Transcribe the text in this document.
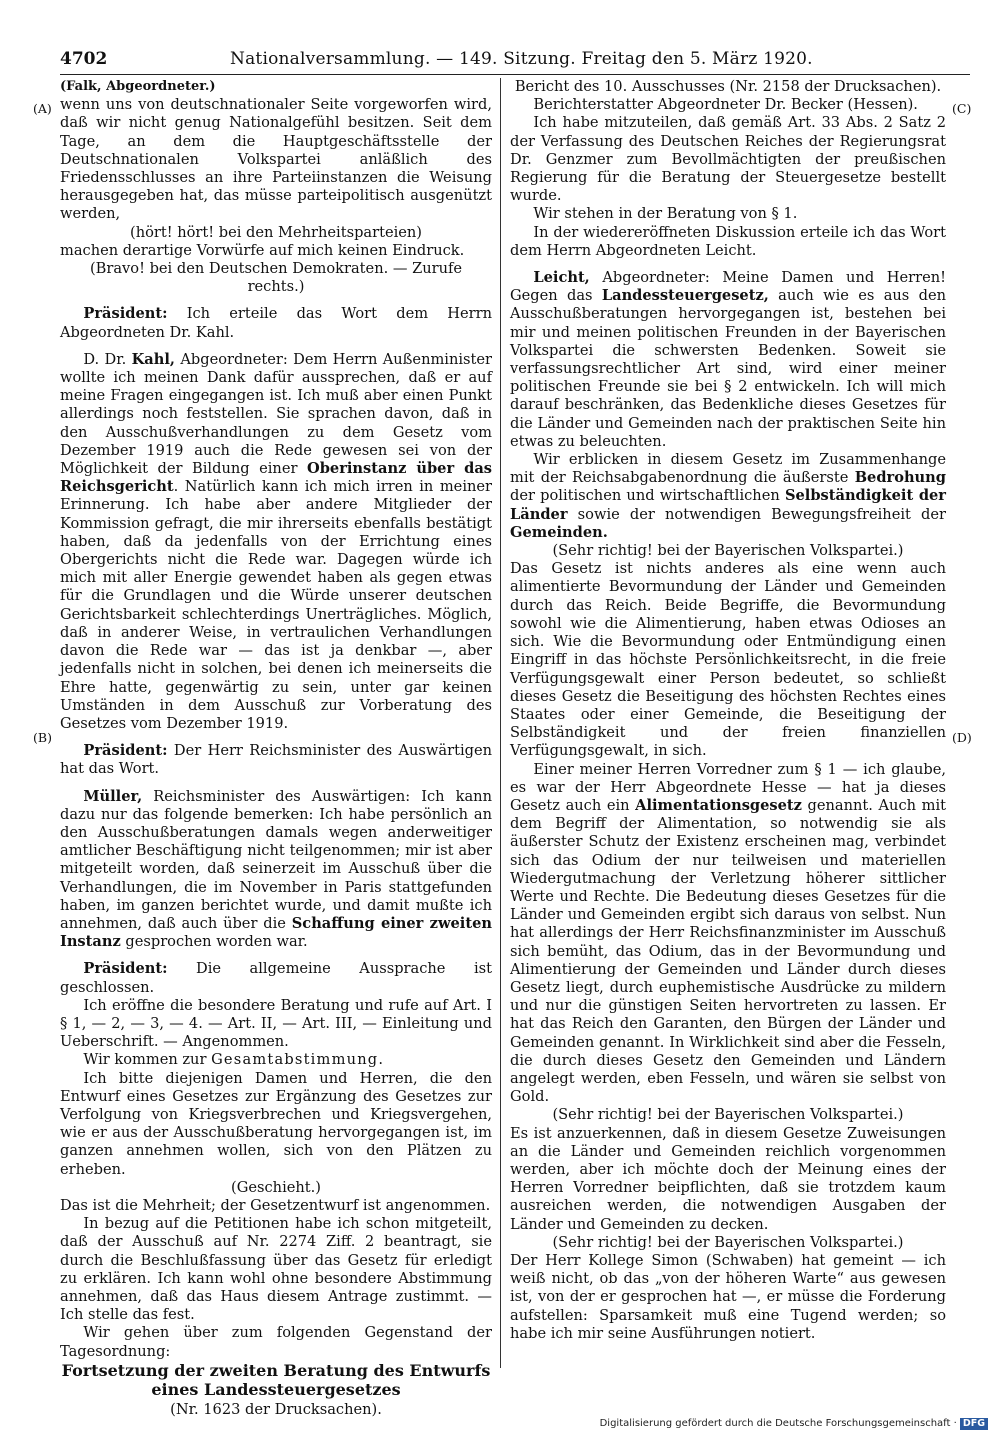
4702	Nationalversammlung. — 149. Sitzung. Freitag den 5. März 1920.
(A)
(B)
(C)
(D)

(Falk, Abgeordneter.)

wenn uns von deutschnationaler Seite vorgeworfen wird, daß wir nicht genug Nationalgefühl besitzen. Seit dem Tage, an dem die Hauptgeschäftsstelle der Deutschnationalen Volkspartei anläßlich des Friedensschlusses an ihre Parteiinstanzen die Weisung herausgegeben hat, das müsse parteipolitisch ausgenützt werden,

(hört! hört! bei den Mehrheitsparteien)

machen derartige Vorwürfe auf mich keinen Eindruck.

(Bravo! bei den Deutschen Demokraten. — Zurufe rechts.)

Präsident: Ich erteile das Wort dem Herrn Abgeordneten Dr. Kahl.

D. Dr. Kahl, Abgeordneter: Dem Herrn Außenminister wollte ich meinen Dank dafür aussprechen, daß er auf meine Fragen eingegangen ist. Ich muß aber einen Punkt allerdings noch feststellen. Sie sprachen davon, daß in den Ausschußverhandlungen zu dem Gesetz vom Dezember 1919 auch die Rede gewesen sei von der Möglichkeit der Bildung einer Oberinstanz über das Reichsgericht. Natürlich kann ich mich irren in meiner Erinnerung. Ich habe aber andere Mitglieder der Kommission gefragt, die mir ihrerseits ebenfalls bestätigt haben, daß da jedenfalls von der Errichtung eines Obergerichts nicht die Rede war. Dagegen würde ich mich mit aller Energie gewendet haben als gegen etwas für die Grundlagen und die Würde unserer deutschen Gerichtsbarkeit schlechterdings Unerträgliches. Möglich, daß in anderer Weise, in vertraulichen Verhandlungen davon die Rede war — das ist ja denkbar —, aber jedenfalls nicht in solchen, bei denen ich meinerseits die Ehre hatte, gegenwärtig zu sein, unter gar keinen Umständen in dem Ausschuß zur Vorberatung des Gesetzes vom Dezember 1919.

Präsident: Der Herr Reichsminister des Auswärtigen hat das Wort.

Müller, Reichsminister des Auswärtigen: Ich kann dazu nur das folgende bemerken: Ich habe persönlich an den Ausschußberatungen damals wegen anderweitiger amtlicher Beschäftigung nicht teilgenommen; mir ist aber mitgeteilt worden, daß seinerzeit im Ausschuß über die Verhandlungen, die im November in Paris stattgefunden haben, im ganzen berichtet wurde, und damit mußte ich annehmen, daß auch über die Schaffung einer zweiten Instanz gesprochen worden war.

Präsident: Die allgemeine Aussprache ist geschlossen.

Ich eröffne die besondere Beratung und rufe auf Art. I § 1, — 2, — 3, — 4. — Art. II, — Art. III, — Einleitung und Ueberschrift. — Angenommen.

Wir kommen zur Gesamtabstimmung.

Ich bitte diejenigen Damen und Herren, die den Entwurf eines Gesetzes zur Ergänzung des Gesetzes zur Verfolgung von Kriegsverbrechen und Kriegsvergehen, wie er aus der Ausschußberatung hervorgegangen ist, im ganzen annehmen wollen, sich von den Plätzen zu erheben.

(Geschieht.)

Das ist die Mehrheit; der Gesetzentwurf ist angenommen.

In bezug auf die Petitionen habe ich schon mitgeteilt, daß der Ausschuß auf Nr. 2274 Ziff. 2 beantragt, sie durch die Beschlußfassung über das Gesetz für erledigt zu erklären. Ich kann wohl ohne besondere Abstimmung annehmen, daß das Haus diesem Antrage zustimmt. — Ich stelle das fest.

Wir gehen über zum folgenden Gegenstand der Tagesordnung:

Fortsetzung der zweiten Beratung des Entwurfs eines Landessteuergesetzes

(Nr. 1623 der Drucksachen).

Bericht des 10. Ausschusses (Nr. 2158 der Drucksachen).

Berichterstatter Abgeordneter Dr. Becker (Hessen).

Ich habe mitzuteilen, daß gemäß Art. 33 Abs. 2 Satz 2 der Verfassung des Deutschen Reiches der Regierungsrat Dr. Genzmer zum Bevollmächtigten der preußischen Regierung für die Beratung der Steuergesetze bestellt wurde.

Wir stehen in der Beratung von § 1.

In der wiedereröffneten Diskussion erteile ich das Wort dem Herrn Abgeordneten Leicht.

Leicht, Abgeordneter: Meine Damen und Herren! Gegen das Landessteuergesetz, auch wie es aus den Ausschußberatungen hervorgegangen ist, bestehen bei mir und meinen politischen Freunden in der Bayerischen Volkspartei die schwersten Bedenken. Soweit sie verfassungsrechtlicher Art sind, wird einer meiner politischen Freunde sie bei § 2 entwickeln. Ich will mich darauf beschränken, das Bedenkliche dieses Gesetzes für die Länder und Gemeinden nach der praktischen Seite hin etwas zu beleuchten.

Wir erblicken in diesem Gesetz im Zusammenhange mit der Reichsabgabenordnung die äußerste Bedrohung der politischen und wirtschaftlichen Selbständigkeit der Länder sowie der notwendigen Bewegungsfreiheit der Gemeinden.

(Sehr richtig! bei der Bayerischen Volkspartei.)

Das Gesetz ist nichts anderes als eine wenn auch alimentierte Bevormundung der Länder und Gemeinden durch das Reich. Beide Begriffe, die Bevormundung sowohl wie die Alimentierung, haben etwas Odioses an sich. Wie die Bevormundung oder Entmündigung einen Eingriff in das höchste Persönlichkeitsrecht, in die freie Verfügungsgewalt einer Person bedeutet, so schließt dieses Gesetz die Beseitigung des höchsten Rechtes eines Staates oder einer Gemeinde, die Beseitigung der Selbständigkeit und der freien finanziellen Verfügungsgewalt, in sich.

Einer meiner Herren Vorredner zum § 1 — ich glaube, es war der Herr Abgeordnete Hesse — hat ja dieses Gesetz auch ein Alimentationsgesetz genannt. Auch mit dem Begriff der Alimentation, so notwendig sie als äußerster Schutz der Existenz erscheinen mag, verbindet sich das Odium der nur teilweisen und materiellen Wiedergutmachung der Verletzung höherer sittlicher Werte und Rechte. Die Bedeutung dieses Gesetzes für die Länder und Gemeinden ergibt sich daraus von selbst. Nun hat allerdings der Herr Reichsfinanzminister im Ausschuß sich bemüht, das Odium, das in der Bevormundung und Alimentierung der Gemeinden und Länder durch dieses Gesetz liegt, durch euphemistische Ausdrücke zu mildern und nur die günstigen Seiten hervortreten zu lassen. Er hat das Reich den Garanten, den Bürgen der Länder und Gemeinden genannt. In Wirklichkeit sind aber die Fesseln, die durch dieses Gesetz den Gemeinden und Ländern angelegt werden, eben Fesseln, und wären sie selbst von Gold.

(Sehr richtig! bei der Bayerischen Volkspartei.)

Es ist anzuerkennen, daß in diesem Gesetze Zuweisungen an die Länder und Gemeinden reichlich vorgenommen werden, aber ich möchte doch der Meinung eines der Herren Vorredner beipflichten, daß sie trotzdem kaum ausreichen werden, die notwendigen Ausgaben der Länder und Gemeinden zu decken.

(Sehr richtig! bei der Bayerischen Volkspartei.)

Der Herr Kollege Simon (Schwaben) hat gemeint — ich weiß nicht, ob das „von der höheren Warte“ aus gewesen ist, von der er gesprochen hat —, er müsse die Forderung aufstellen: Sparsamkeit muß eine Tugend werden; so habe ich mir seine Ausführungen notiert.

Digitalisierung gefördert durch die Deutsche Forschungsgemeinschaft · DFG
